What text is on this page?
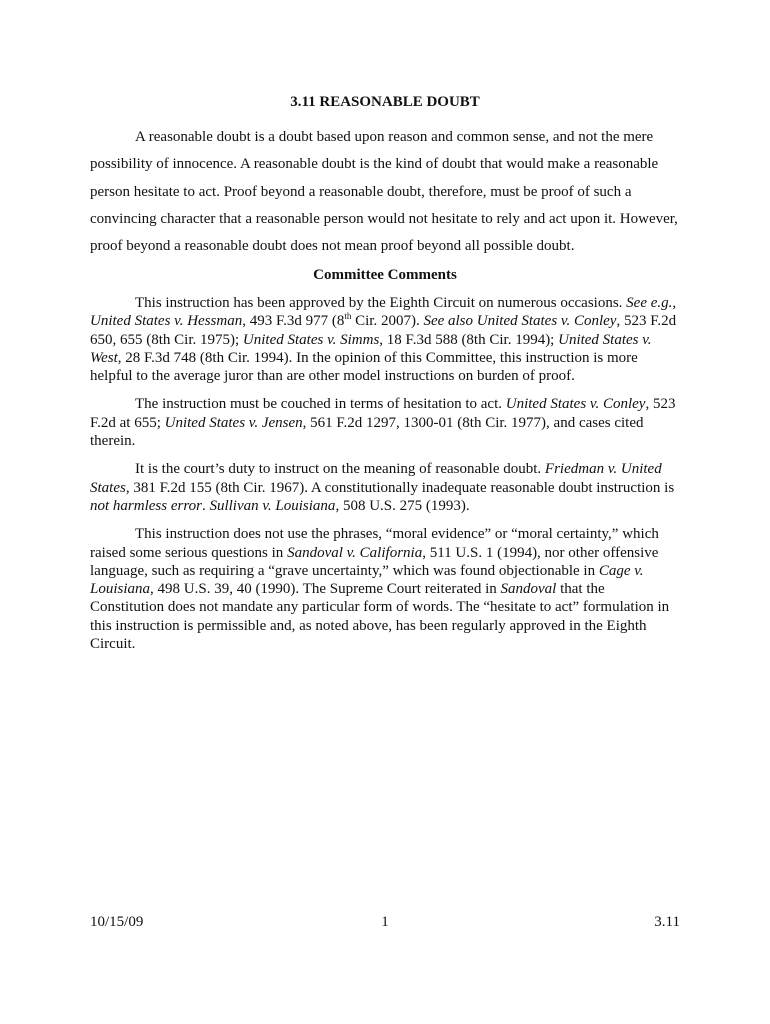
3.11 REASONABLE DOUBT

A reasonable doubt is a doubt based upon reason and common sense, and not the mere possibility of innocence. A reasonable doubt is the kind of doubt that would make a reasonable person hesitate to act. Proof beyond a reasonable doubt, therefore, must be proof of such a convincing character that a reasonable person would not hesitate to rely and act upon it. However, proof beyond a reasonable doubt does not mean proof beyond all possible doubt.

Committee Comments

This instruction has been approved by the Eighth Circuit on numerous occasions. See e.g., United States v. Hessman, 493 F.3d 977 (8th Cir. 2007). See also United States v. Conley, 523 F.2d 650, 655 (8th Cir. 1975); United States v. Simms, 18 F.3d 588 (8th Cir. 1994); United States v. West, 28 F.3d 748 (8th Cir. 1994). In the opinion of this Committee, this instruction is more helpful to the average juror than are other model instructions on burden of proof.

The instruction must be couched in terms of hesitation to act. United States v. Conley, 523 F.2d at 655; United States v. Jensen, 561 F.2d 1297, 1300-01 (8th Cir. 1977), and cases cited therein.

It is the court’s duty to instruct on the meaning of reasonable doubt. Friedman v. United States, 381 F.2d 155 (8th Cir. 1967). A constitutionally inadequate reasonable doubt instruction is not harmless error. Sullivan v. Louisiana, 508 U.S. 275 (1993).

This instruction does not use the phrases, “moral evidence” or “moral certainty,” which raised some serious questions in Sandoval v. California, 511 U.S. 1 (1994), nor other offensive language, such as requiring a “grave uncertainty,” which was found objectionable in Cage v. Louisiana, 498 U.S. 39, 40 (1990). The Supreme Court reiterated in Sandoval that the Constitution does not mandate any particular form of words. The “hesitate to act” formulation in this instruction is permissible and, as noted above, has been regularly approved in the Eighth Circuit.

10/15/09	1	3.11
